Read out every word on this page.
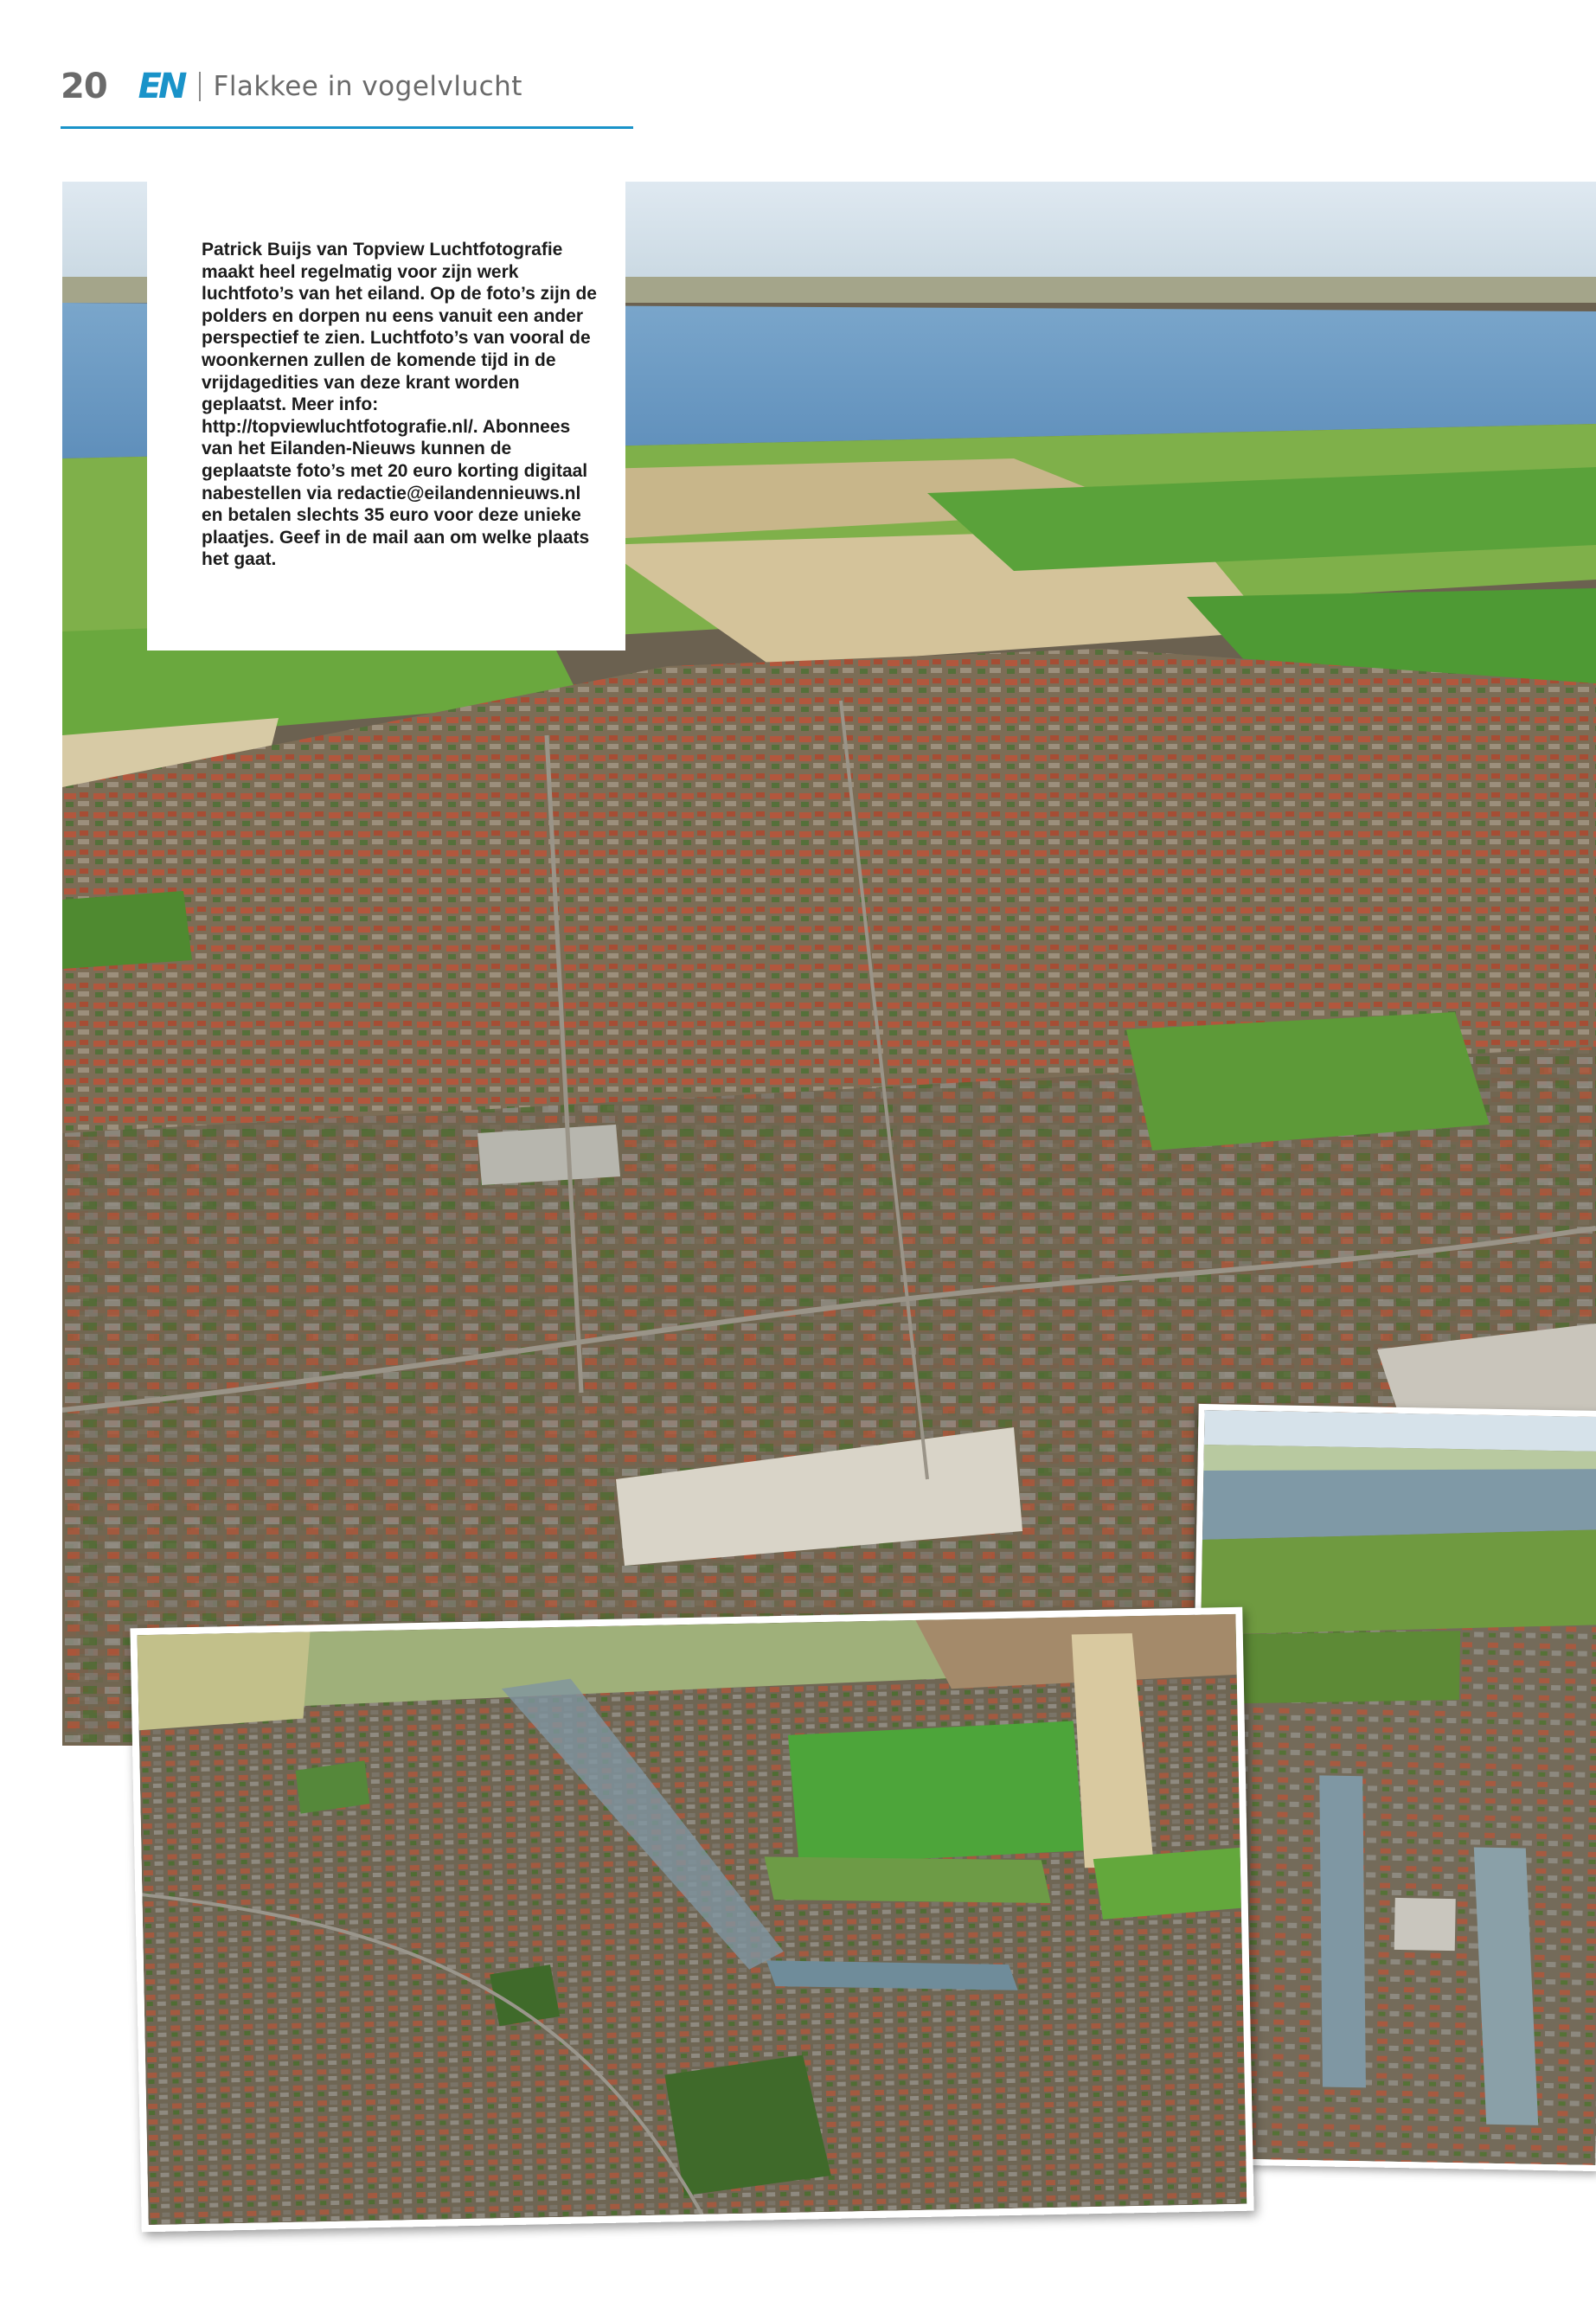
20 EN Flakkee in vogelvlucht
Patrick Buijs van Topview Luchtfotografie maakt heel regelmatig voor zijn werk luchtfoto’s van het eiland. Op de foto’s zijn de polders en dorpen nu eens vanuit een ander perspectief te zien. Luchtfoto’s van vooral de woonkernen zullen de komende tijd in de vrijdagedities van deze krant worden geplaatst. Meer info: http://topviewluchtfotografie.nl/. Abonnees van het Eilanden-Nieuws kunnen de geplaatste foto’s met 20 euro korting digitaal nabestellen via redactie@eilandennieuws.nl en betalen slechts 35 euro voor deze unieke plaatjes. Geef in de mail aan om welke plaats het gaat.
